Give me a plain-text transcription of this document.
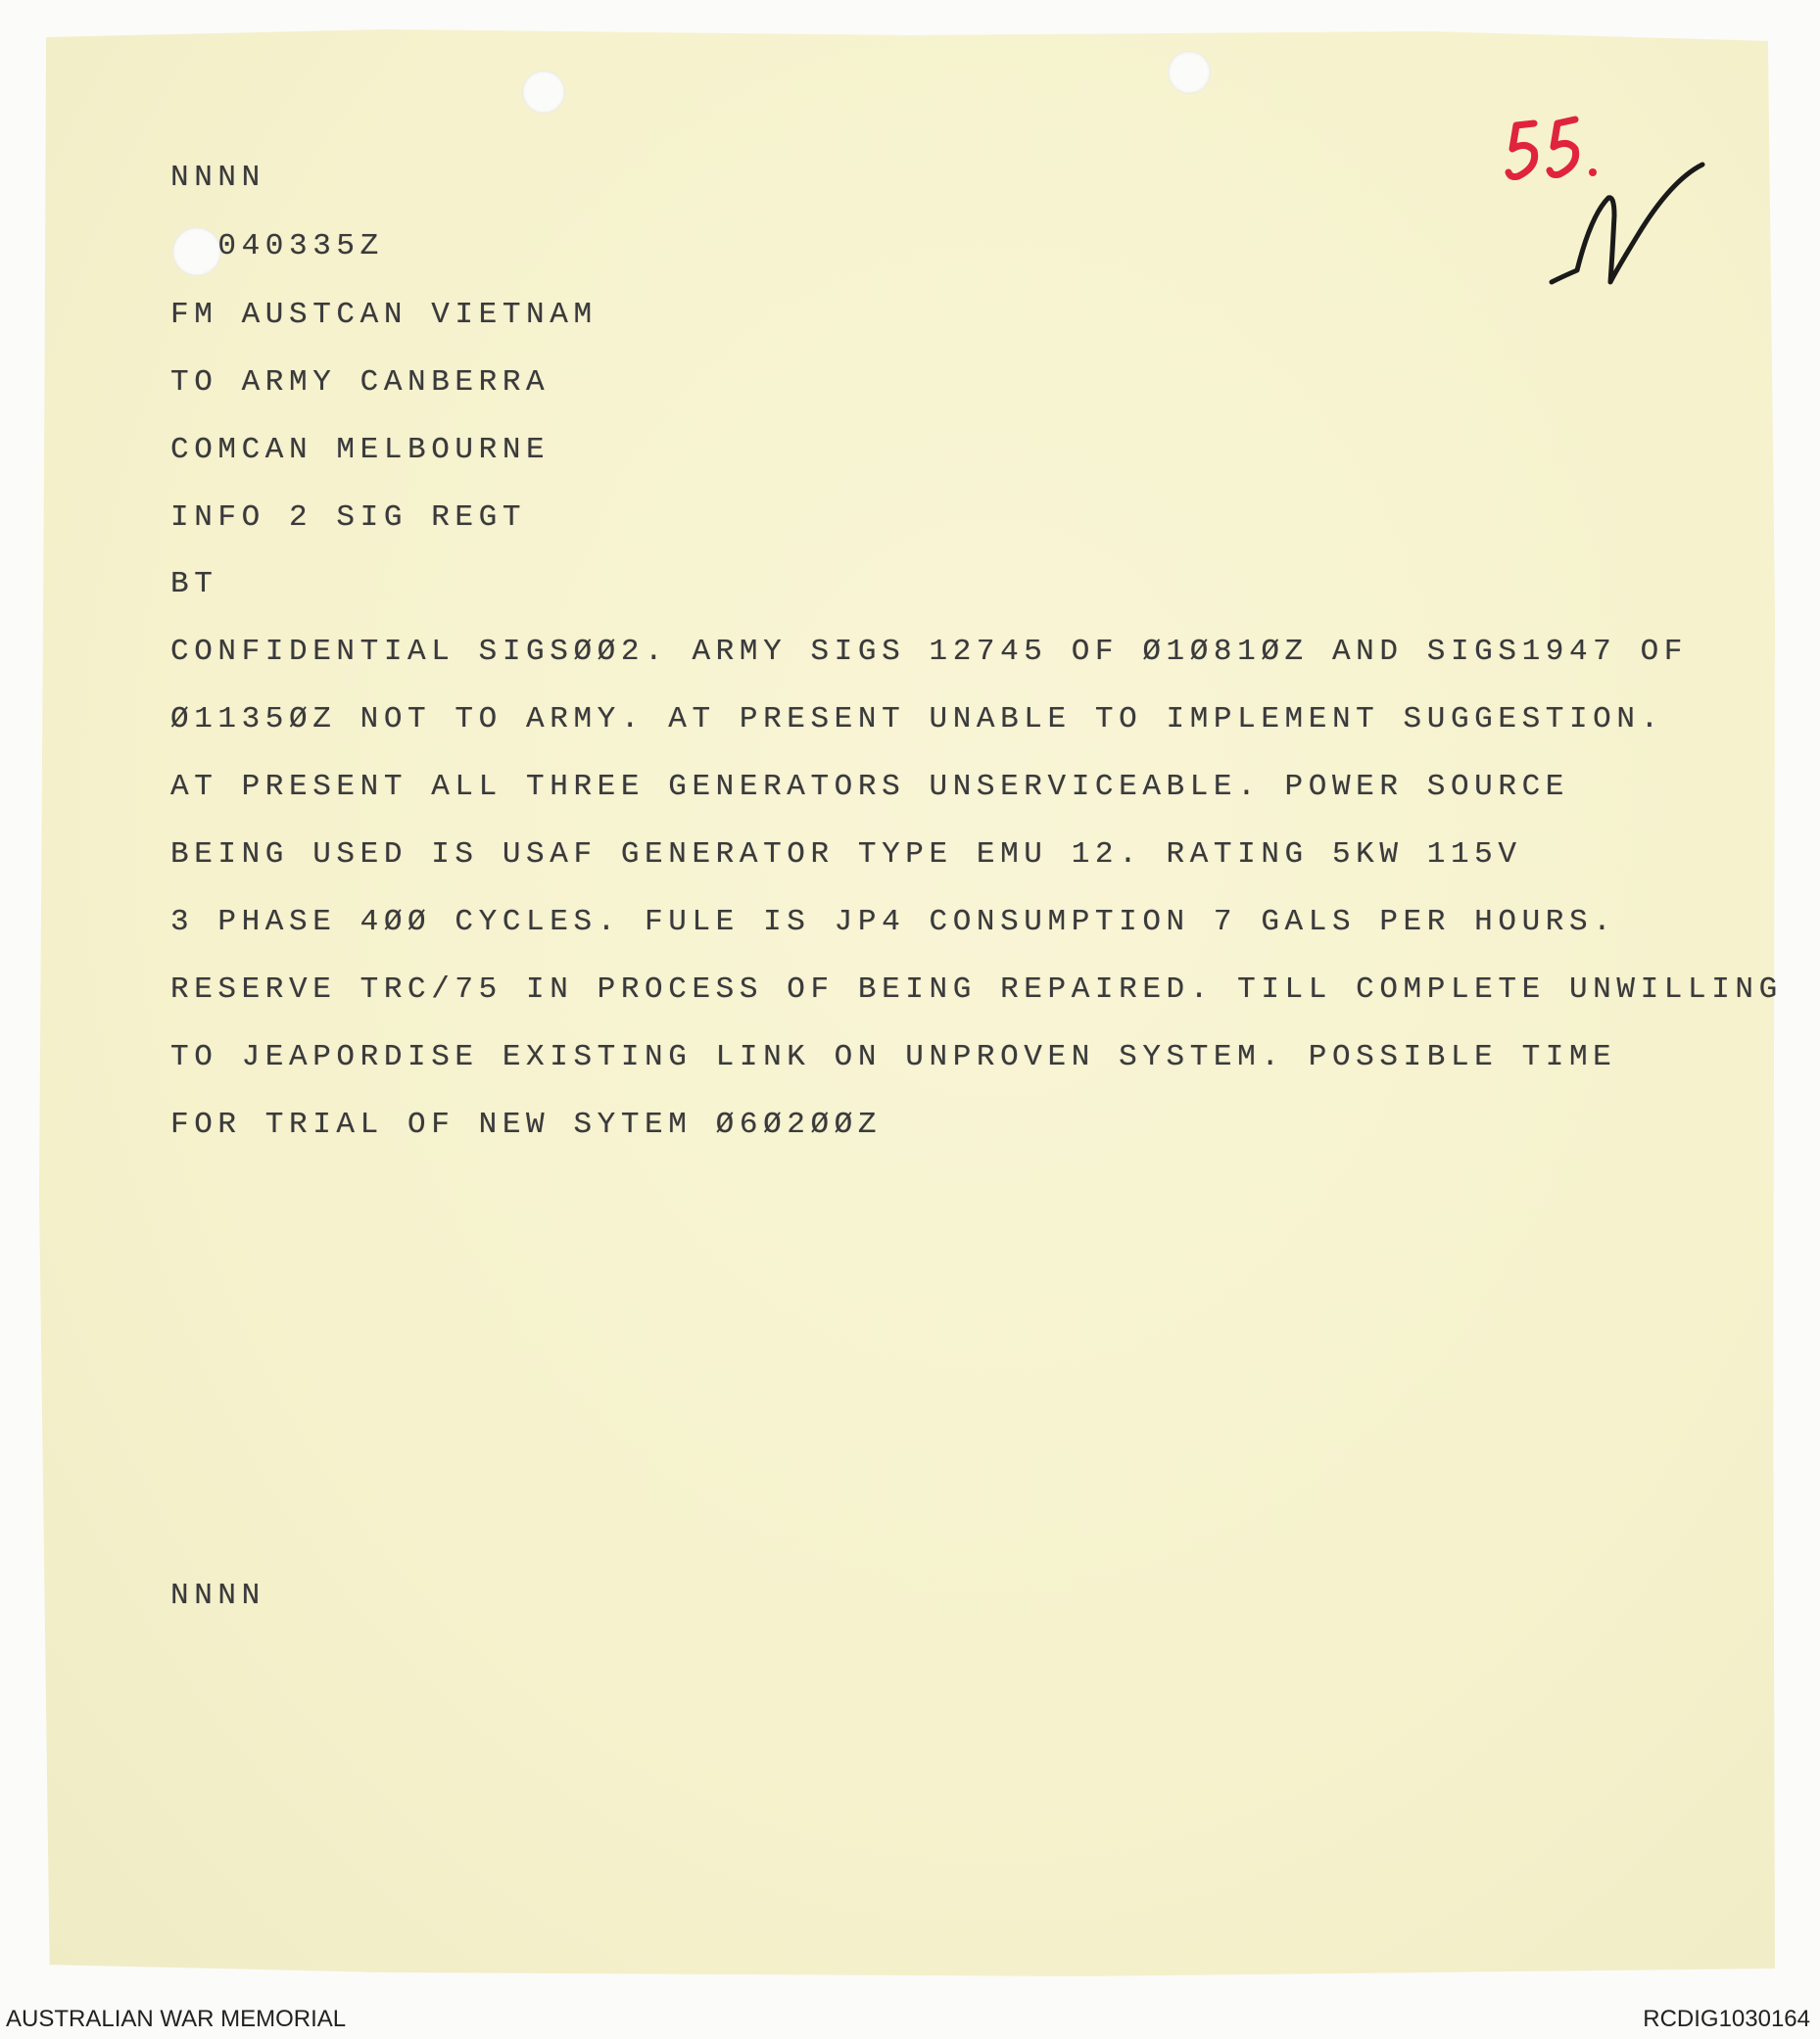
NNNN

040335Z

FM AUSTCAN VIETNAM

TO ARMY CANBERRA

COMCAN MELBOURNE

INFO 2 SIG REGT

BT

CONFIDENTIAL SIGSØØ2. ARMY SIGS 12745 OF Ø1Ø81ØZ AND SIGS1947 OF

Ø1135ØZ NOT TO ARMY. AT PRESENT UNABLE TO IMPLEMENT SUGGESTION.

AT PRESENT ALL THREE GENERATORS UNSERVICEABLE. POWER SOURCE

BEING USED IS USAF GENERATOR TYPE EMU 12. RATING 5KW 115V

3 PHASE 4ØØ CYCLES. FULE IS JP4 CONSUMPTION 7 GALS PER HOURS.

RESERVE TRC/75 IN PROCESS OF BEING REPAIRED. TILL COMPLETE UNWILLING

TO JEAPORDISE EXISTING LINK ON UNPROVEN SYSTEM. POSSIBLE TIME

FOR TRIAL OF NEW SYTEM Ø6Ø2ØØZ

NNNN

AUSTRALIAN WAR MEMORIAL	RCDIG1030164
